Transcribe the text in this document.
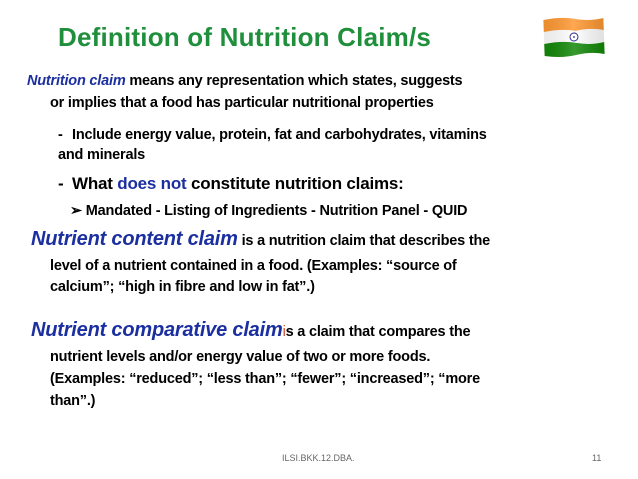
Definition of Nutrition Claim/s
Nutrition claim means any representation which states, suggests
or implies that a food has particular nutritional properties
- Include energy value, protein, fat and carbohydrates, vitamins
and minerals
- What does not constitute nutrition claims:
➢ Mandated - Listing of Ingredients - Nutrition Panel - QUID
Nutrient content claim is a nutrition claim that describes the
level of a nutrient contained in a food. (Examples: “source of
calcium”; “high in fibre and low in fat”.)
Nutrient comparative claimis a claim that compares the
nutrient levels and/or energy value of two or more foods.
(Examples: “reduced”; “less than”; “fewer”; “increased”; “more
than”.)
ILSI.BKK.12.DBA.	11
